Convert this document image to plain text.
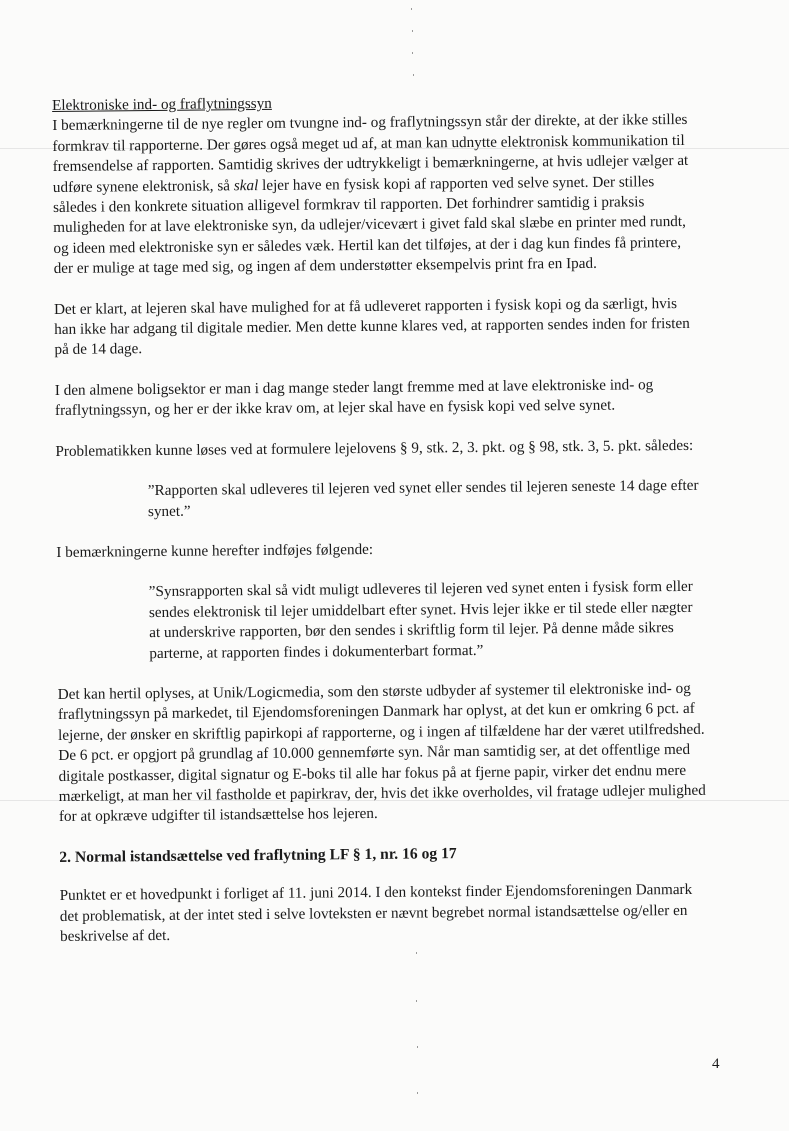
Elektroniske ind- og fraflytningssyn

I bemærkningerne til de nye regler om tvungne ind- og fraflytningssyn står der direkte, at der ikke stilles formkrav til rapporterne. Der gøres også meget ud af, at man kan udnytte elektronisk kommunikation til fremsendelse af rapporten. Samtidig skrives der udtrykkeligt i bemærkningerne, at hvis udlejer vælger at udføre synene elektronisk, så skal lejer have en fysisk kopi af rapporten ved selve synet. Der stilles således i den konkrete situation alligevel formkrav til rapporten. Det forhindrer samtidig i praksis muligheden for at lave elektroniske syn, da udlejer/vicevært i givet fald skal slæbe en printer med rundt, og ideen med elektroniske syn er således væk. Hertil kan det tilføjes, at der i dag kun findes få printere, der er mulige at tage med sig, og ingen af dem understøtter eksempelvis print fra en Ipad.

Det er klart, at lejeren skal have mulighed for at få udleveret rapporten i fysisk kopi og da særligt, hvis han ikke har adgang til digitale medier. Men dette kunne klares ved, at rapporten sendes inden for fristen på de 14 dage.

I den almene boligsektor er man i dag mange steder langt fremme med at lave elektroniske ind- og fraflytningssyn, og her er der ikke krav om, at lejer skal have en fysisk kopi ved selve synet.

Problematikken kunne løses ved at formulere lejelovens § 9, stk. 2, 3. pkt. og § 98, stk. 3, 5. pkt. således:

”Rapporten skal udleveres til lejeren ved synet eller sendes til lejeren seneste 14 dage efter synet.”

I bemærkningerne kunne herefter indføjes følgende:

”Synsrapporten skal så vidt muligt udleveres til lejeren ved synet enten i fysisk form eller sendes elektronisk til lejer umiddelbart efter synet. Hvis lejer ikke er til stede eller nægter at underskrive rapporten, bør den sendes i skriftlig form til lejer. På denne måde sikres parterne, at rapporten findes i dokumenterbart format.”

Det kan hertil oplyses, at Unik/Logicmedia, som den største udbyder af systemer til elektroniske ind- og fraflytningssyn på markedet, til Ejendomsforeningen Danmark har oplyst, at det kun er omkring 6 pct. af lejerne, der ønsker en skriftlig papirkopi af rapporterne, og i ingen af tilfældene har der været utilfredshed. De 6 pct. er opgjort på grundlag af 10.000 gennemførte syn. Når man samtidig ser, at det offentlige med digitale postkasser, digital signatur og E-boks til alle har fokus på at fjerne papir, virker det endnu mere mærkeligt, at man her vil fastholde et papirkrav, der, hvis det ikke overholdes, vil fratage udlejer mulighed for at opkræve udgifter til istandsættelse hos lejeren.

2. Normal istandsættelse ved fraflytning LF § 1, nr. 16 og 17

Punktet er et hovedpunkt i forliget af 11. juni 2014. I den kontekst finder Ejendomsforeningen Danmark det problematisk, at der intet sted i selve lovteksten er nævnt begrebet normal istandsættelse og/eller en beskrivelse af det.

4
